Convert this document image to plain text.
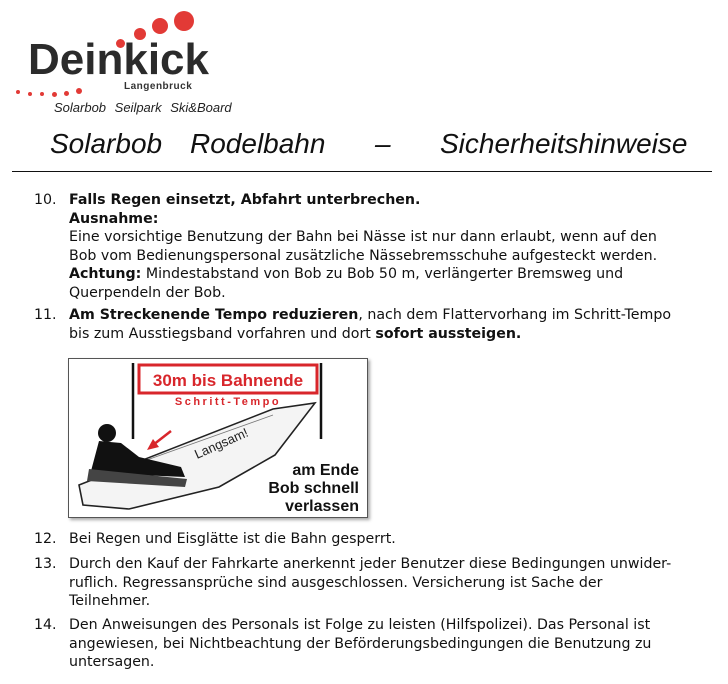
Deinkick
Langenbruck
Solarbob Seilpark Ski&Board
Solarbob Rodelbahn – Sicherheitshinweise
10. Falls Regen einsetzt, Abfahrt unterbrechen.
Ausnahme:
Eine vorsichtige Benutzung der Bahn bei Nässe ist nur dann erlaubt, wenn auf den
Bob vom Bedienungspersonal zusätzliche Nässebremsschuhe aufgesteckt werden.
Achtung: Mindestabstand von Bob zu Bob 50 m, verlängerter Bremsweg und
Querpendeln der Bob.
11. Am Streckenende Tempo reduzieren, nach dem Flattervorhang im Schritt-Tempo
bis zum Ausstiegsband vorfahren und dort sofort aussteigen.
30m bis Bahnende
Schritt-Tempo
Langsam!
am Ende
Bob schnell
verlassen
12. Bei Regen und Eisglätte ist die Bahn gesperrt.
13. Durch den Kauf der Fahrkarte anerkennt jeder Benutzer diese Bedingungen unwider-
ruflich. Regressansprüche sind ausgeschlossen. Versicherung ist Sache der
Teilnehmer.
14. Den Anweisungen des Personals ist Folge zu leisten (Hilfspolizei). Das Personal ist
angewiesen, bei Nichtbeachtung der Beförderungsbedingungen die Benutzung zu
untersagen.
